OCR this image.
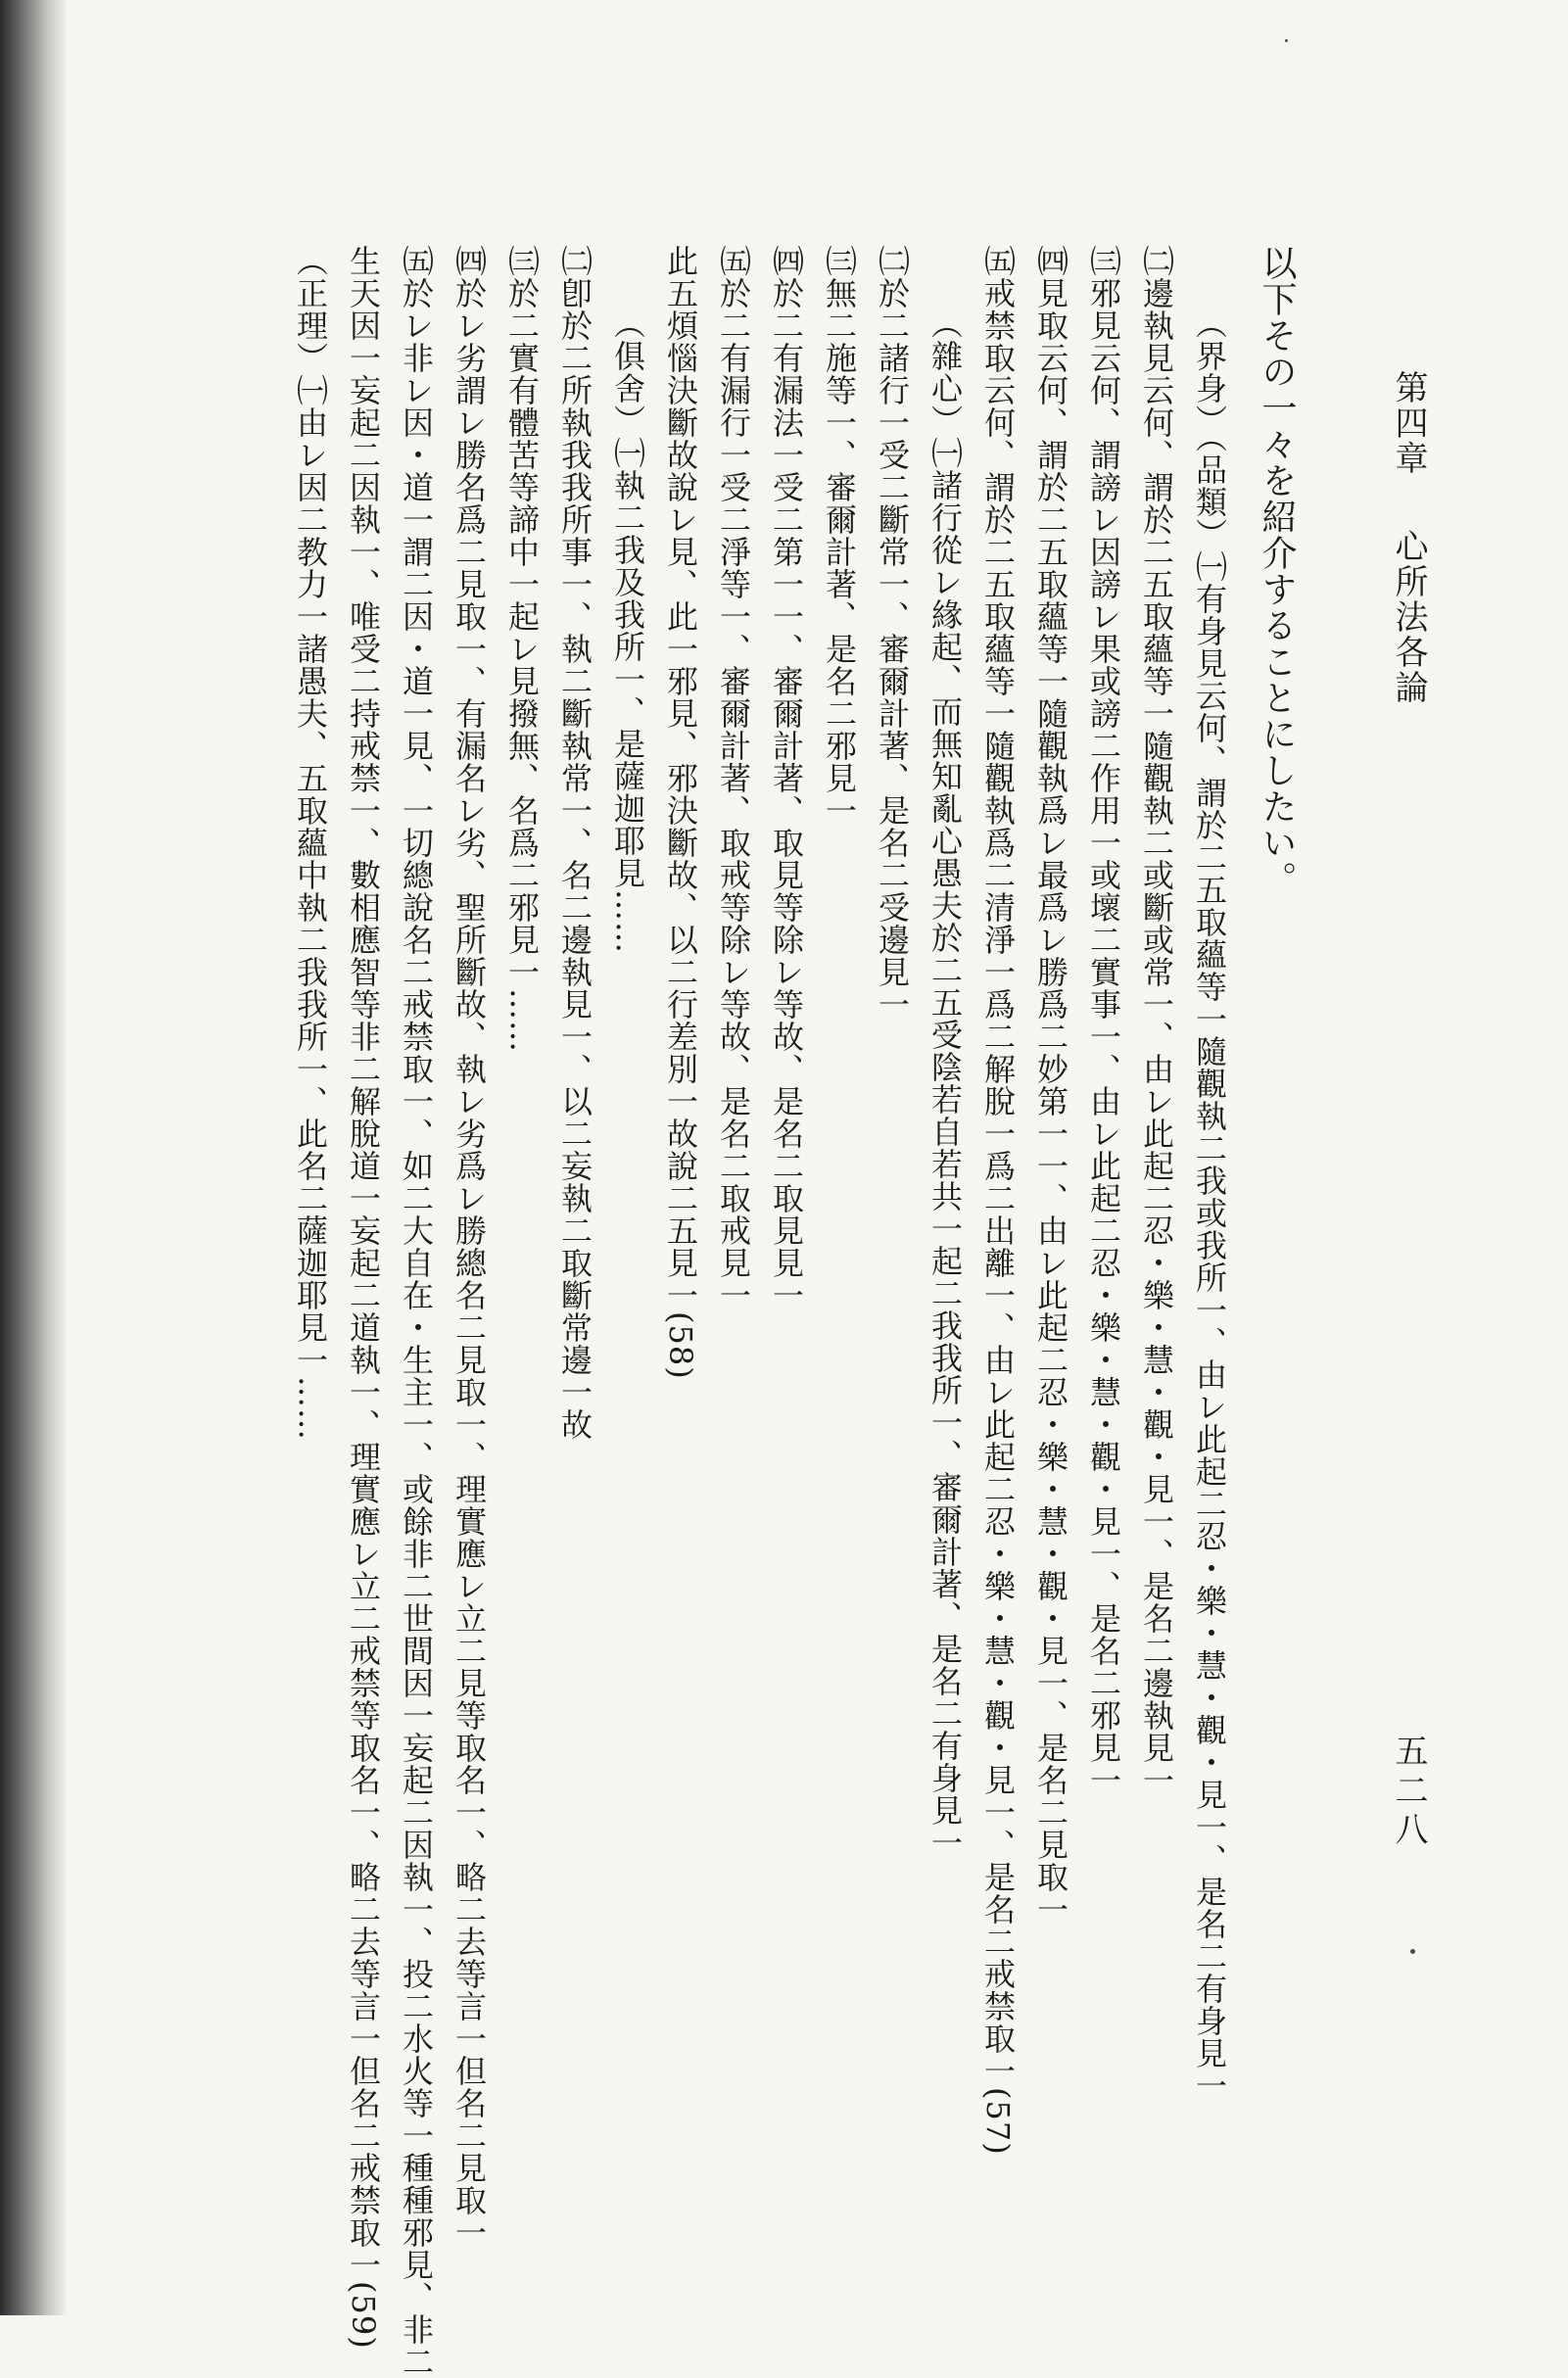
第四章
心所法各論
五二八
以下その一々を紹介することにしたい。
（界身）（品類）㈠有身見云何、謂於二五取蘊等一隨觀執二我或我所一、由レ此起二忍・樂・慧・觀・見一、是名二有身見一
㈡邊執見云何、謂於二五取蘊等一隨觀執二或斷或常一、由レ此起二忍・樂・慧・觀・見一、是名二邊執見一
㈢邪見云何、謂謗レ因謗レ果或謗二作用一或壞二實事一、由レ此起二忍・樂・慧・觀・見一、是名二邪見一
㈣見取云何、謂於二五取蘊等一隨觀執爲レ最爲レ勝爲二妙第一一、由レ此起二忍・樂・慧・觀・見一、是名二見取一
㈤戒禁取云何、謂於二五取蘊等一隨觀執爲二清淨一爲二解脫一爲二出離一、由レ此起二忍・樂・慧・觀・見一、是名二戒禁取一(57)
（雜心）㈠諸行從レ緣起、而無知亂心愚夫於二五受陰若自若共一起二我我所一、審爾計著、是名二有身見一
㈡於二諸行一受二斷常一、審爾計著、是名二受邊見一
㈢無二施等一、審爾計著、是名二邪見一
㈣於二有漏法一受二第一一、審爾計著、取見等除レ等故、是名二取見見一
㈤於二有漏行一受二淨等一、審爾計著、取戒等除レ等故、是名二取戒見一
此五煩惱決斷故說レ見、此一邪見、邪決斷故、以二行差別一故說二五見一(58)
（俱舍）㈠執二我及我所一、是薩迦耶見……
㈡卽於二所執我我所事一、執二斷執常一、名二邊執見一、以二妄執二取斷常邊一故
㈢於二實有體苦等諦中一起レ見撥無、名爲二邪見一……
㈣於レ劣謂レ勝名爲二見取一、有漏名レ劣、聖所斷故、執レ劣爲レ勝總名二見取一、理實應レ立二見等取名一、略二去等言一但名二見取一
㈤於レ非レ因・道一謂二因・道一見、一切總說名二戒禁取一、如二大自在・生主一、或餘非二世間因一妄起二因執一、投二水火等一種種邪見、非二
生天因一妄起二因執一、唯受二持戒禁一、數相應智等非二解脫道一妄起二道執一、理實應レ立二戒禁等取名一、略二去等言一但名二戒禁取一(59)
（正理）㈠由レ因二教力一諸愚夫、五取蘊中執二我我所一、此名二薩迦耶見一……
